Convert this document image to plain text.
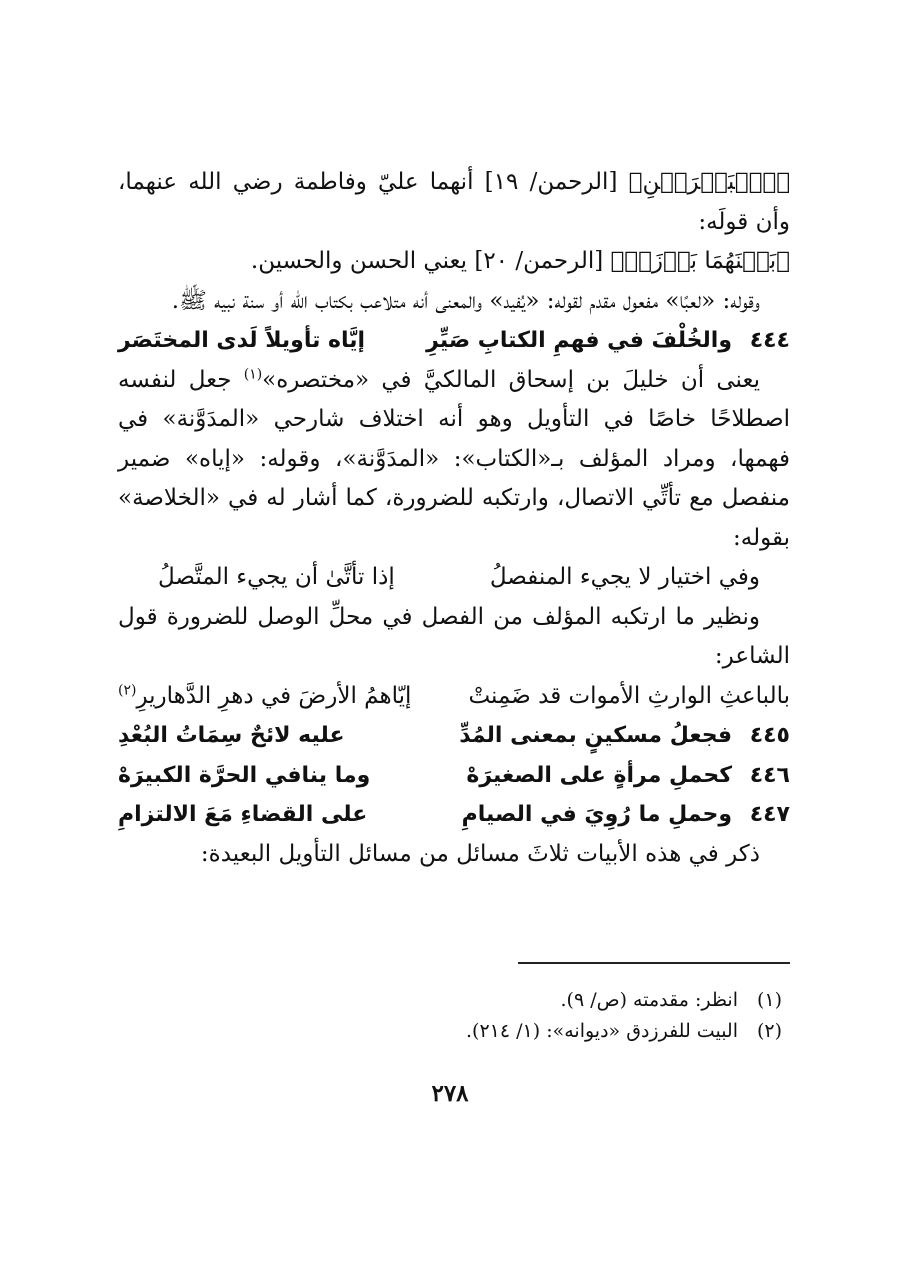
﴿ٱلۡبَحۡرَيۡنِ﴾ [الرحمن/ ١٩] أنهما عليّ وفاطمة رضي الله عنهما، وأن قولَه:

﴿بَيۡنَهُمَا بَرۡزَخٞ﴾ [الرحمن/ ٢٠] يعني الحسن والحسين.

وقوله: «لعبًا» مفعول مقدم لقوله: «يُفيد» والمعنى أنه متلاعب بكتاب الله أو سنة نبيه ﷺ.

٤٤٤ والخُلْفَ في فهمِ الكتابِ صَيِّرِ
إيَّاه تأويلاً لَدى المختَصَر

يعنى أن خليلَ بن إسحاق المالكيَّ في «مختصره»$^{(١)}$ جعل لنفسه اصطلاحًا خاصًا في التأويل وهو أنه اختلاف شارحي «المدَوَّنة» في فهمها، ومراد المؤلف بـ«الكتاب»: «المدَوَّنة»، وقوله: «إياه» ضمير منفصل مع تأتِّي الاتصال، وارتكبه للضرورة، كما أشار له في «الخلاصة» بقوله:

وفي اختيار لا يجيء المنفصلُ
إذا تأتَّىٰ أن يجيء المتَّصلُ

ونظير ما ارتكبه المؤلف من الفصل في محلِّ الوصل للضرورة قول الشاعر:

بالباعثِ الوارثِ الأموات قد ضَمِنتْ
إيّاهمُ الأرضَ في دهرِ الدَّهاريرِ$^{(٢)}$
٤٤٥ فجعلُ مسكينٍ بمعنى المُدِّ
عليه لائحٌ سِمَاتُ البُعْدِ
٤٤٦ كحملِ مرأةٍ على الصغيرَهْ
وما ينافي الحرَّة الكبيرَهْ
٤٤٧ وحملِ ما رُوِيَ في الصيامِ
على القضاءِ مَعَ الالتزامِ

ذكر في هذه الأبيات ثلاثَ مسائل من مسائل التأويل البعيدة:

(١)انظر: مقدمته (ص/ ٩).
(٢)البيت للفرزدق «ديوانه»: (١/ ٢١٤).
٢٧٨
